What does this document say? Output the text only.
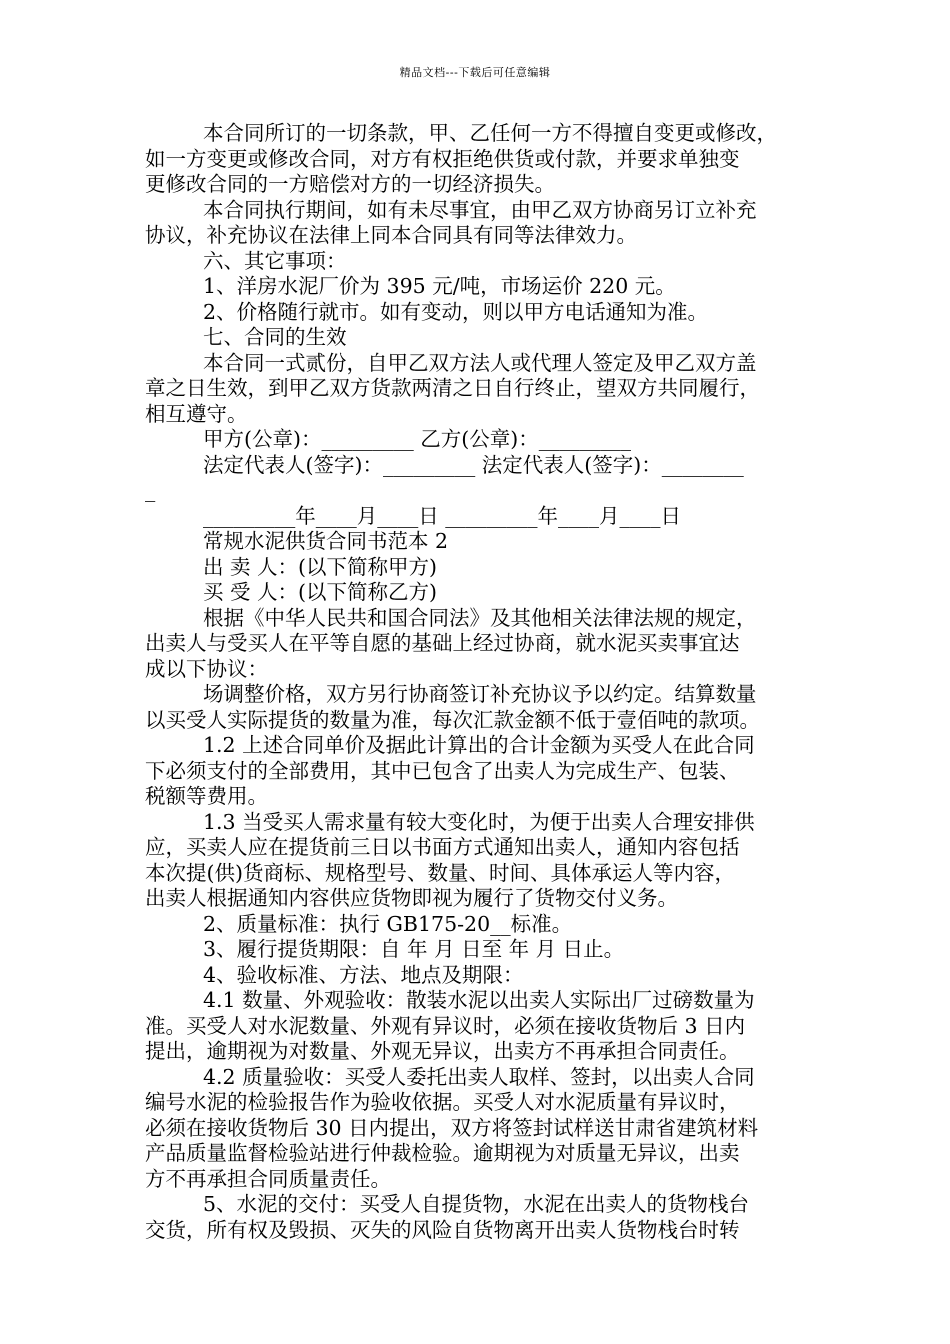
精品文档---下载后可任意编辑
本合同所订的一切条款，甲、乙任何一方不得擅自变更或修改，
如一方变更或修改合同，对方有权拒绝供货或付款，并要求单独变
更修改合同的一方赔偿对方的一切经济损失。
本合同执行期间，如有未尽事宜，由甲乙双方协商另订立补充
协议，补充协议在法律上同本合同具有同等法律效力。
六、其它事项：
1、洋房水泥厂价为 395 元/吨，市场运价 220 元。
2、价格随行就市。如有变动，则以甲方电话通知为准。
七、合同的生效
本合同一式贰份，自甲乙双方法人或代理人签定及甲乙双方盖
章之日生效，到甲乙双方货款两清之日自行终止，望双方共同履行，
相互遵守。
甲方(公章)：_________ 乙方(公章)：_________
法定代表人(签字)：_________ 法定代表人(签字)：________
_
_________年____月____日 _________年____月____日
常规水泥供货合同书范本 2
出 卖 人：(以下简称甲方)
买 受 人：(以下简称乙方)
根据《中华人民共和国合同法》及其他相关法律法规的规定，
出卖人与受买人在平等自愿的基础上经过协商，就水泥买卖事宜达
成以下协议：
场调整价格，双方另行协商签订补充协议予以约定。结算数量
以买受人实际提货的数量为准，每次汇款金额不低于壹佰吨的款项。
1.2 上述合同单价及据此计算出的合计金额为买受人在此合同
下必须支付的全部费用，其中已包含了出卖人为完成生产、包装、
税额等费用。
1.3 当受买人需求量有较大变化时，为便于出卖人合理安排供
应，买卖人应在提货前三日以书面方式通知出卖人，通知内容包括
本次提(供)货商标、规格型号、数量、时间、具体承运人等内容，
出卖人根据通知内容供应货物即视为履行了货物交付义务。
2、质量标准：执行 GB175-20__标准。
3、履行提货期限：自 年 月 日至 年 月 日止。
4、验收标准、方法、地点及期限：
4.1 数量、外观验收：散装水泥以出卖人实际出厂过磅数量为
准。买受人对水泥数量、外观有异议时，必须在接收货物后 3 日内
提出，逾期视为对数量、外观无异议，出卖方不再承担合同责任。
4.2 质量验收：买受人委托出卖人取样、签封，以出卖人合同
编号水泥的检验报告作为验收依据。买受人对水泥质量有异议时，
必须在接收货物后 30 日内提出，双方将签封试样送甘肃省建筑材料
产品质量监督检验站进行仲裁检验。逾期视为对质量无异议，出卖
方不再承担合同质量责任。
5、水泥的交付：买受人自提货物，水泥在出卖人的货物栈台
交货，所有权及毁损、灭失的风险自货物离开出卖人货物栈台时转
